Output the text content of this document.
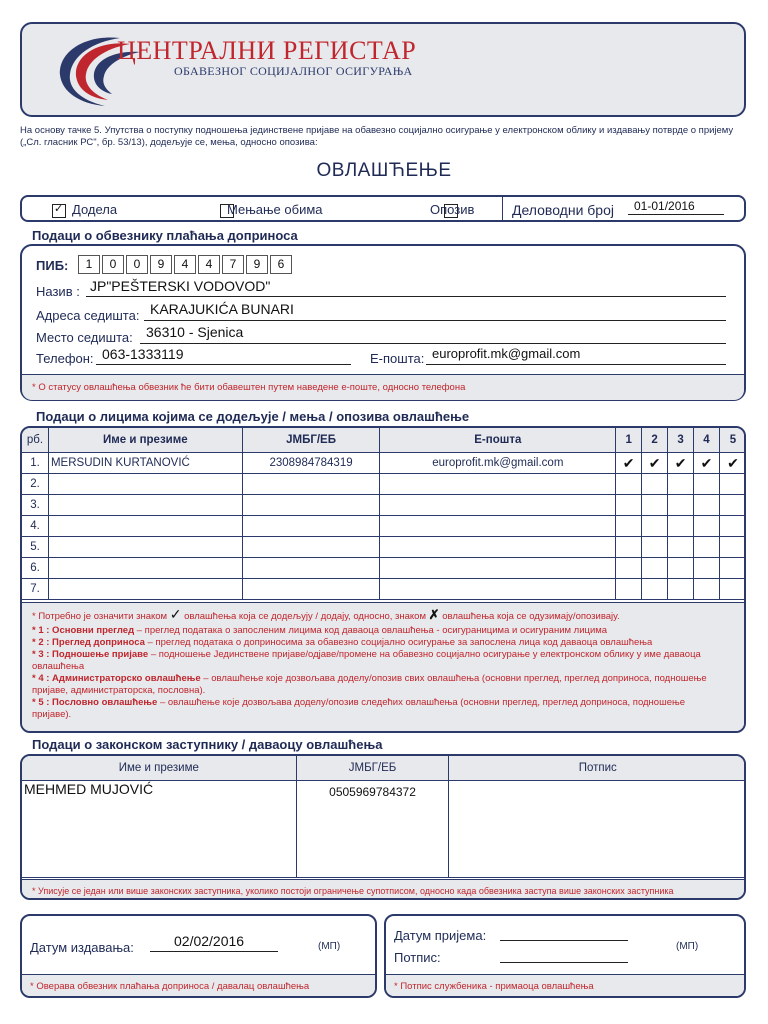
ЦЕНТРАЛНИ РЕГИСТАР
ОБАВЕЗНОГ СОЦИЈАЛНОГ ОСИГУРАЊА
На основу тачке 5. Упутства о поступку подношења јединствене пријаве на обавезно социјално осигурање у електронском облику и издавању потврде о пријему („Сл. гласник РС", бр. 53/13), додељује се, мења, односно опозива:
ОВЛАШЋЕЊЕ
✓
Додела
	Мењање обима	Опозив	Деловодни број 01-01/2016
Подаци о обвезнику плаћања доприноса
ПИБ:	1	0	0	9	4	4	7	9	6
Назив : JP"PEŠTERSKI VODOVOD"
Адреса седишта: KARAJUKIĆA BUNARI
Место седишта: 36310 - Sjenica
Телефон: 063-1333119	Е-пошта: europrofit.mk@gmail.com
* О статусу овлашћења обвезник ће бити обавештен путем наведене е-поште, односно телефона
Подаци о лицима којима се додељује / мења / опозива овлашћење
рб.	Име и презиме	ЈМБГ/ЕБ	Е-пошта	1	2	3	4	5
1.	MERSUDIN KURTANOVIĆ	2308984784319	europrofit.mk@gmail.com	✔	✔	✔	✔	✔
2.								
3.								
4.								
5.								
6.								
7.								
* Потребно је означити знаком ✓ овлашћења која се додељују / додају, односно, знаком ✗ овлашћења која се одузимају/опозивају.
* 1 : Основни преглед – преглед података о запосленим лицима код даваоца овлашћења - осигураницима и осигураним лицима
* 2 : Преглед доприноса – преглед података о доприносима за обавезно социјално осигурање за запослена лица код даваоца овлашћења
* 3 : Подношење пријаве – подношење Јединствене пријаве/одјаве/промене на обавезно социјално осигурање у електронском облику у име даваоца овлашћења
* 4 : Администраторско овлашћење – овлашћење које дозвољава доделу/опозив свих овлашћења (основни преглед, преглед доприноса, подношење пријаве, администраторска, пословна).
* 5 : Пословно овлашћење – овлашћење које дозвољава доделу/опозив следећих овлашћења (основни преглед, преглед доприноса, подношење пријаве).
Подаци о законском заступнику / даваоцу овлашћења
Име и презиме	ЈМБГ/ЕБ	Потпис
MEHMED MUJOVIĆ	0505969784372	
* Уписује се један или више законских заступника, уколико постоји ограничење супотписом, односно када обвезника заступа више законских заступника
Датум издавања:	02/02/2016	(МП)
* Оверава обвезник плаћања доприноса / давалац овлашћења
Датум пријема:
Потпис:
(МП)
* Потпис службеника - примаоца овлашћења
